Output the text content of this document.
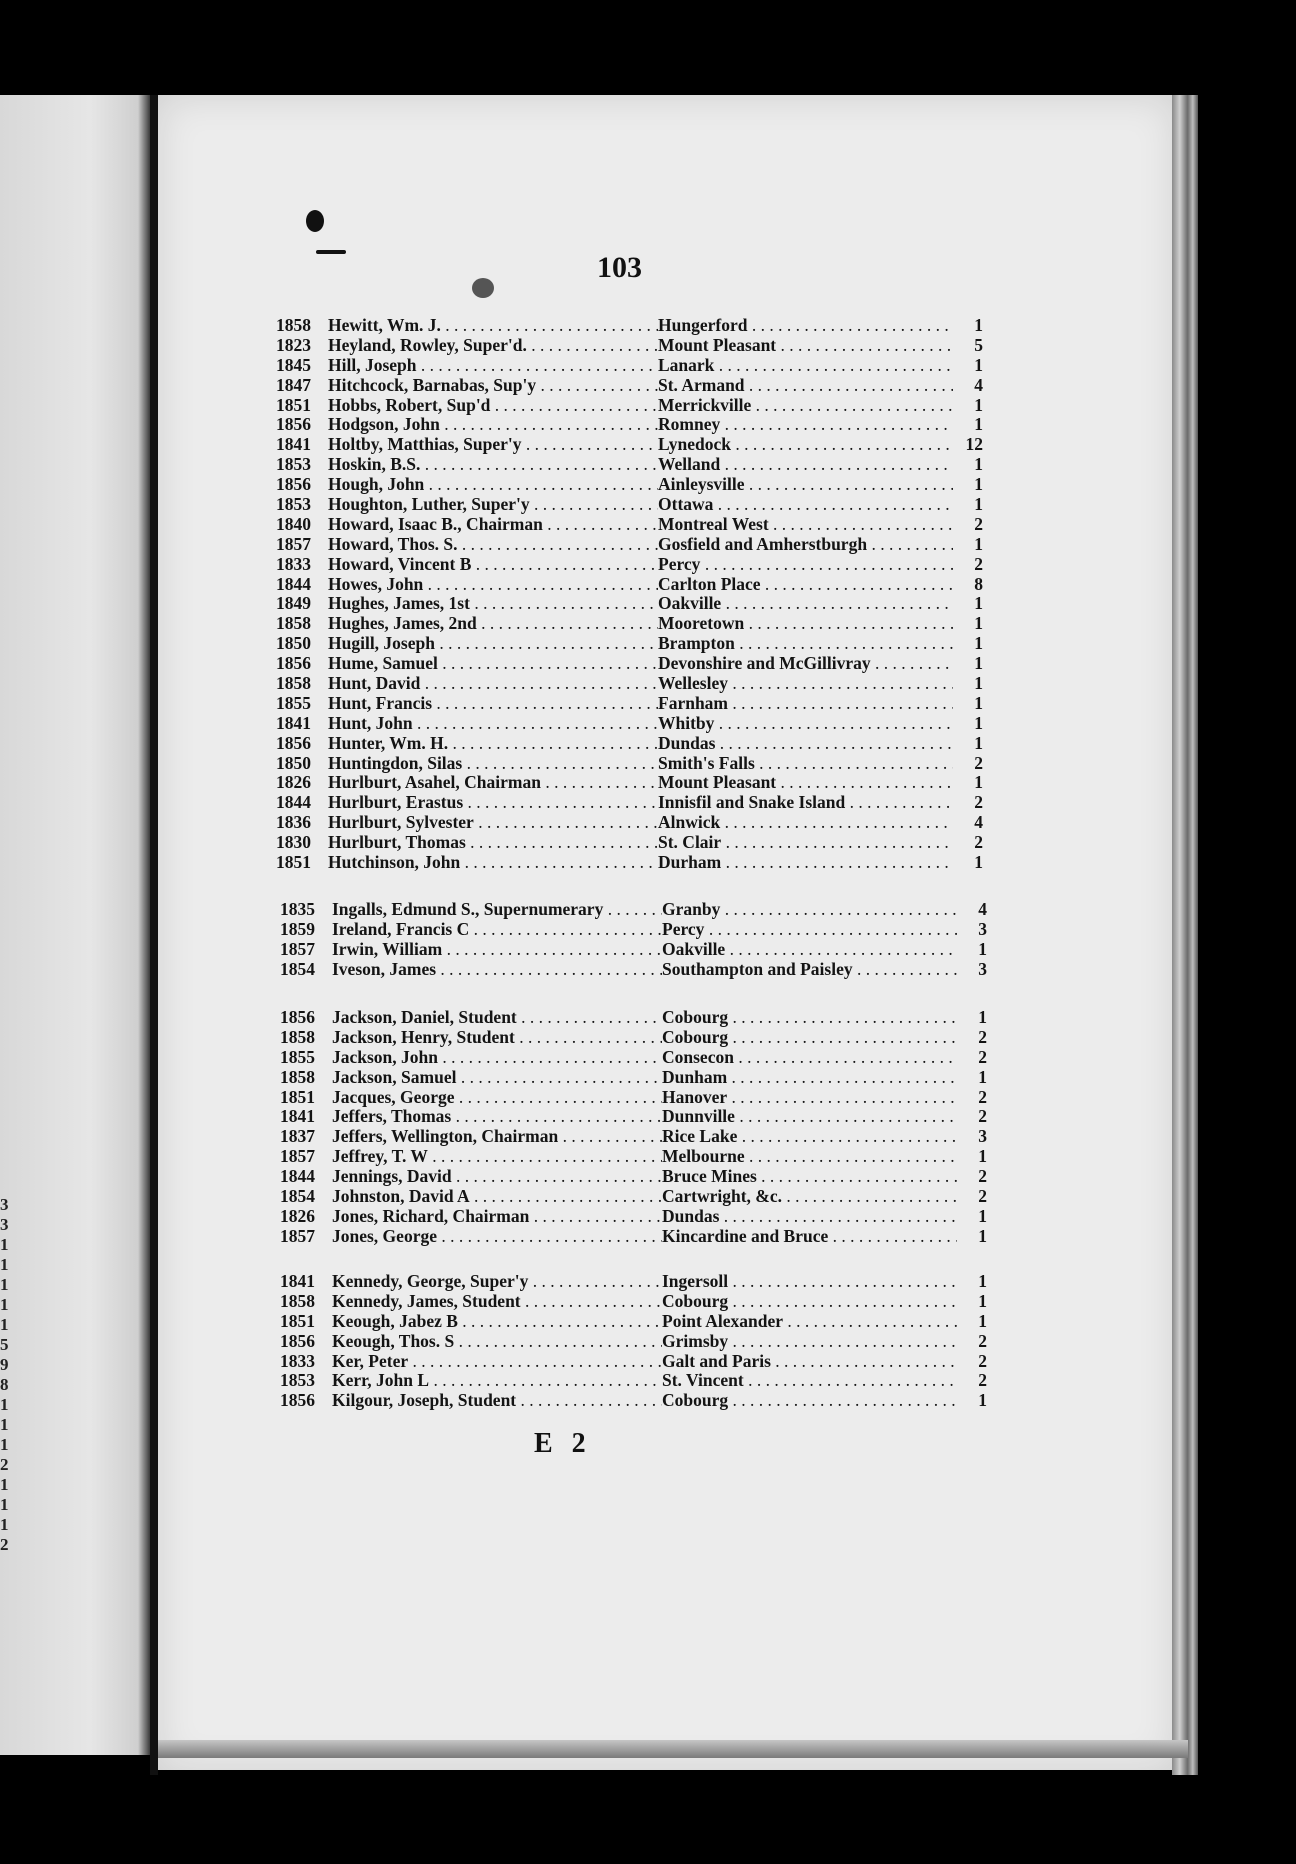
3
3
1
1
1
1
1
5
9
8
1
1
1
2
1
1
1
2
103
1858 Hewitt, Wm. J. . . .	Hungerford . . .	1
1823 Heyland, Rowley, Super'd. . . .	Mount Pleasant . . .	5
1845 Hill, Joseph . . .	Lanark . . .	1
1847 Hitchcock, Barnabas, Sup'y . . .	St. Armand . . .	4
1851 Hobbs, Robert, Sup'd . . .	Merrickville . . .	1
1856 Hodgson, John . . .	Romney . . .	1
1841 Holtby, Matthias, Super'y . . .	Lynedock . . .	12
1853 Hoskin, B.S. . . .	Welland . . .	1
1856 Hough, John . . .	Ainleysville . . .	1
1853 Houghton, Luther, Super'y . . .	Ottawa . . .	1
1840 Howard, Isaac B., Chairman . . .	Montreal West . . .	2
1857 Howard, Thos. S. . . .	Gosfield and Amherstburgh . . .	1
1833 Howard, Vincent B . . .	Percy . . .	2
1844 Howes, John . . .	Carlton Place . . .	8
1849 Hughes, James, 1st . . .	Oakville . . .	1
1858 Hughes, James, 2nd . . .	Mooretown . . .	1
1850 Hugill, Joseph . . .	Brampton . . .	1
1856 Hume, Samuel . . .	Devonshire and McGillivray . . .	1
1858 Hunt, David . . .	Wellesley . . .	1
1855 Hunt, Francis . . .	Farnham . . .	1
1841 Hunt, John . . .	Whitby . . .	1
1856 Hunter, Wm. H. . . .	Dundas . . .	1
1850 Huntingdon, Silas . . .	Smith's Falls . . .	2
1826 Hurlburt, Asahel, Chairman . . .	Mount Pleasant . . .	1
1844 Hurlburt, Erastus . . .	Innisfil and Snake Island . . .	2
1836 Hurlburt, Sylvester . . .	Alnwick . . .	4
1830 Hurlburt, Thomas . . .	St. Clair . . .	2
1851 Hutchinson, John . . .	Durham . . .	1
1835 Ingalls, Edmund S., Supernumerary . . .	Granby . . .	4
1859 Ireland, Francis C . . .	Percy . . .	3
1857 Irwin, William . . .	Oakville . . .	1
1854 Iveson, James . . .	Southampton and Paisley . . .	3
1856 Jackson, Daniel, Student . . .	Cobourg . . .	1
1858 Jackson, Henry, Student . . .	Cobourg . . .	2
1855 Jackson, John . . .	Consecon . . .	2
1858 Jackson, Samuel . . .	Dunham . . .	1
1851 Jacques, George . . .	Hanover . . .	2
1841 Jeffers, Thomas . . .	Dunnville . . .	2
1837 Jeffers, Wellington, Chairman . . .	Rice Lake . . .	3
1857 Jeffrey, T. W . . .	Melbourne . . .	1
1844 Jennings, David . . .	Bruce Mines . . .	2
1854 Johnston, David A . . .	Cartwright, &c. . . .	2
1826 Jones, Richard, Chairman . . .	Dundas . . .	1
1857 Jones, George . . .	Kincardine and Bruce . . .	1
1841 Kennedy, George, Super'y . . .	Ingersoll . . .	1
1858 Kennedy, James, Student . . .	Cobourg . . .	1
1851 Keough, Jabez B . . .	Point Alexander . . .	1
1856 Keough, Thos. S . . .	Grimsby . . .	2
1833 Ker, Peter . . .	Galt and Paris . . .	2
1853 Kerr, John L . . .	St. Vincent . . .	2
1856 Kilgour, Joseph, Student . . .	Cobourg . . .	1
E 2
